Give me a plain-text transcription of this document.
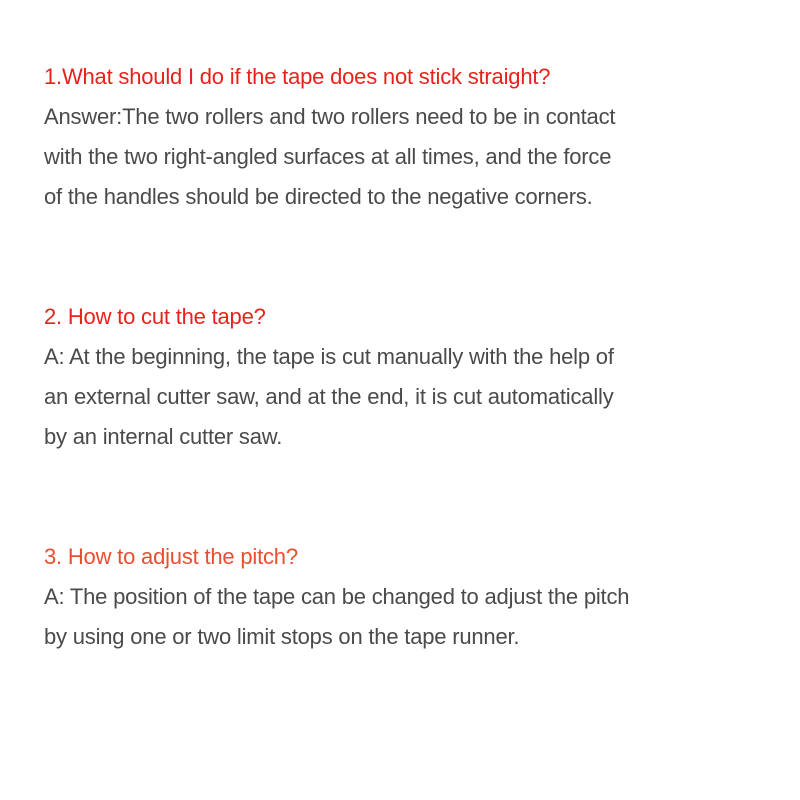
1.What should I do if the tape does not stick straight?
Answer:The two rollers and two rollers need to be in contact
with the two right-angled surfaces at all times, and the force
of the handles should be directed to the negative corners.
2. How to cut the tape?
A: At the beginning, the tape is cut manually with the help of
an external cutter saw, and at the end, it is cut automatically
by an internal cutter saw.
3. How to adjust the pitch?
A: The position of the tape can be changed to adjust the pitch
by using one or two limit stops on the tape runner.
